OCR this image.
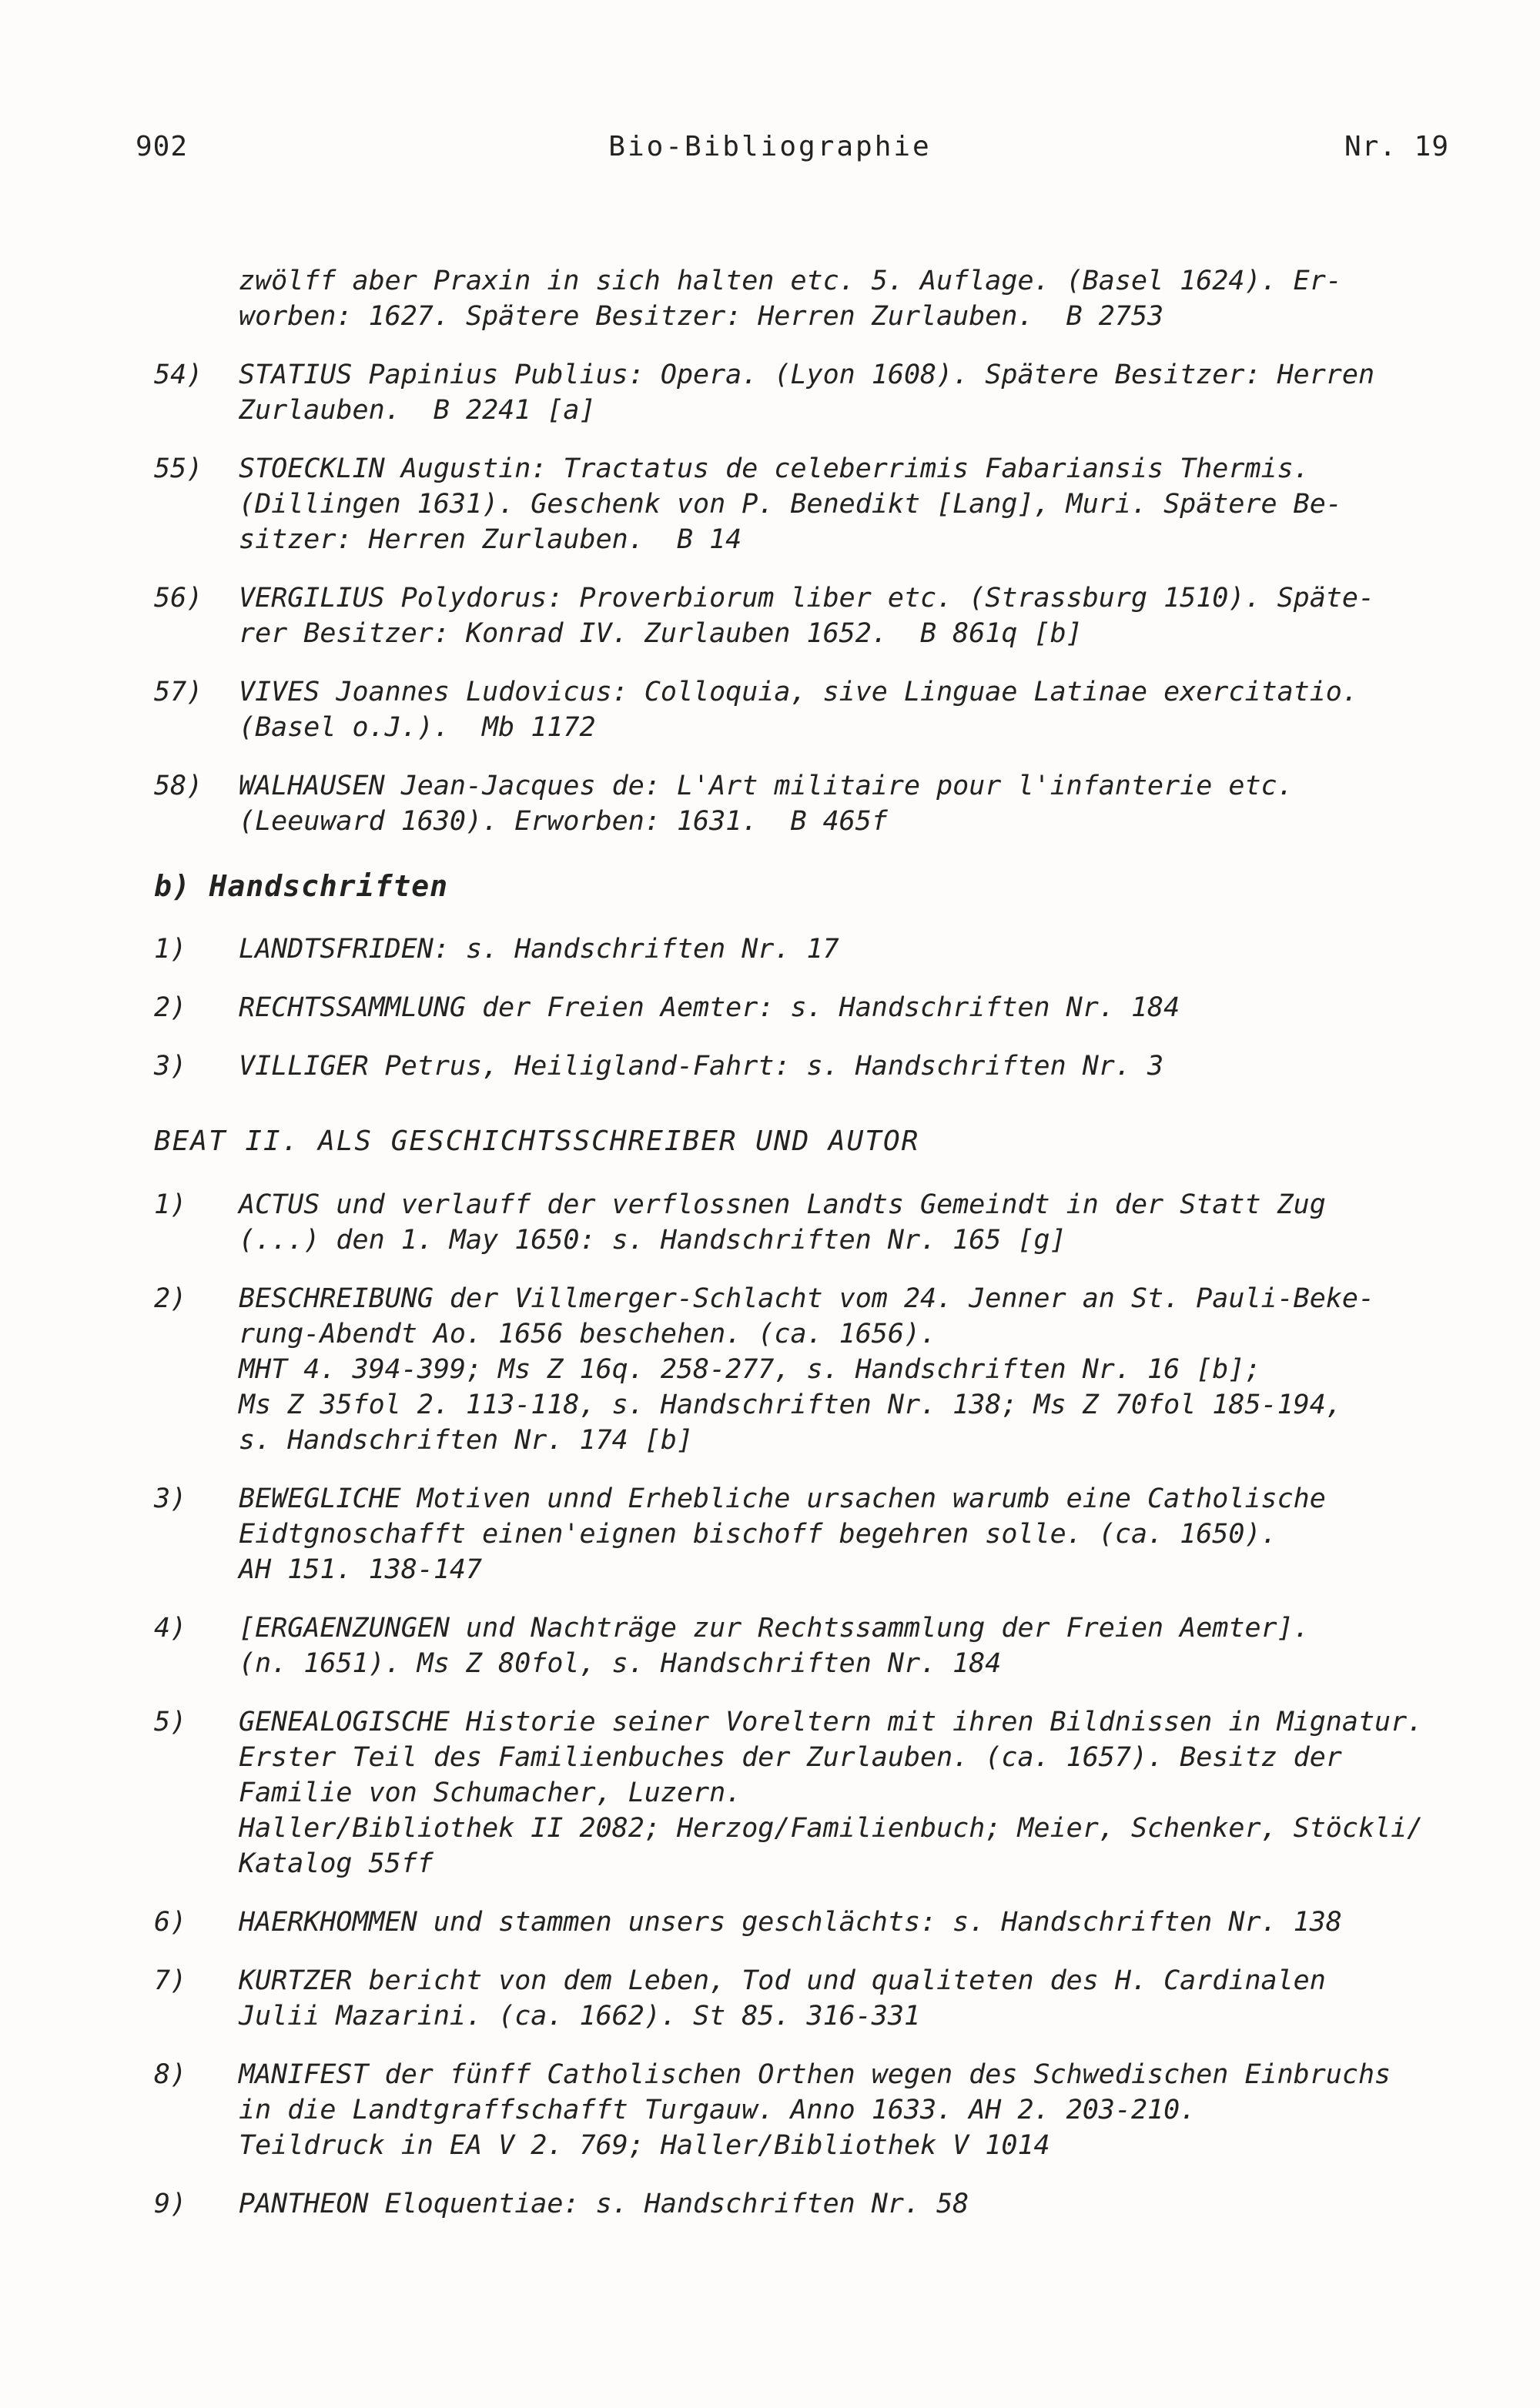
902	Bio-Bibliographie	Nr. 19
zwölff aber Praxin in sich halten etc. 5. Auflage. (Basel 1624). Er-
worben: 1627. Spätere Besitzer: Herren Zurlauben.  B 2753
54)	STATIUS Papinius Publius: Opera. (Lyon 1608). Spätere Besitzer: Herren
Zurlauben.  B 2241 [a]
55)	STOECKLIN Augustin: Tractatus de celeberrimis Fabariansis Thermis.
(Dillingen 1631). Geschenk von P. Benedikt [Lang], Muri. Spätere Be-
sitzer: Herren Zurlauben.  B 14
56)	VERGILIUS Polydorus: Proverbiorum liber etc. (Strassburg 1510). Späte-
rer Besitzer: Konrad IV. Zurlauben 1652.  B 861q [b]
57)	VIVES Joannes Ludovicus: Colloquia, sive Linguae Latinae exercitatio.
(Basel o.J.).  Mb 1172
58)	WALHAUSEN Jean-Jacques de: L'Art militaire pour l'infanterie etc.
(Leeuward 1630). Erworben: 1631.  B 465f
b) Handschriften
1)	LANDTSFRIDEN: s. Handschriften Nr. 17
2)	RECHTSSAMMLUNG der Freien Aemter: s. Handschriften Nr. 184
3)	VILLIGER Petrus, Heiligland-Fahrt: s. Handschriften Nr. 3
BEAT II. ALS GESCHICHTSSCHREIBER UND AUTOR
1)	ACTUS und verlauff der verflossnen Landts Gemeindt in der Statt Zug
(...) den 1. May 1650: s. Handschriften Nr. 165 [g]
2)	BESCHREIBUNG der Villmerger-Schlacht vom 24. Jenner an St. Pauli-Beke-
rung-Abendt Ao. 1656 beschehen. (ca. 1656).
MHT 4. 394-399; Ms Z 16q. 258-277, s. Handschriften Nr. 16 [b];
Ms Z 35fol 2. 113-118, s. Handschriften Nr. 138; Ms Z 70fol 185-194,
s. Handschriften Nr. 174 [b]
3)	BEWEGLICHE Motiven unnd Erhebliche ursachen warumb eine Catholische
Eidtgnoschafft einen'eignen bischoff begehren solle. (ca. 1650).
AH 151. 138-147
4)	[ERGAENZUNGEN und Nachträge zur Rechtssammlung der Freien Aemter].
(n. 1651). Ms Z 80fol, s. Handschriften Nr. 184
5)	GENEALOGISCHE Historie seiner Voreltern mit ihren Bildnissen in Mignatur.
Erster Teil des Familienbuches der Zurlauben. (ca. 1657). Besitz der
Familie von Schumacher, Luzern.
Haller/Bibliothek II 2082; Herzog/Familienbuch; Meier, Schenker, Stöckli/
Katalog 55ff
6)	HAERKHOMMEN und stammen unsers geschlächts: s. Handschriften Nr. 138
7)	KURTZER bericht von dem Leben, Tod und qualiteten des H. Cardinalen
Julii Mazarini. (ca. 1662). St 85. 316-331
8)	MANIFEST der fünff Catholischen Orthen wegen des Schwedischen Einbruchs
in die Landtgraffschafft Turgauw. Anno 1633. AH 2. 203-210.
Teildruck in EA V 2. 769; Haller/Bibliothek V 1014
9)	PANTHEON Eloquentiae: s. Handschriften Nr. 58
